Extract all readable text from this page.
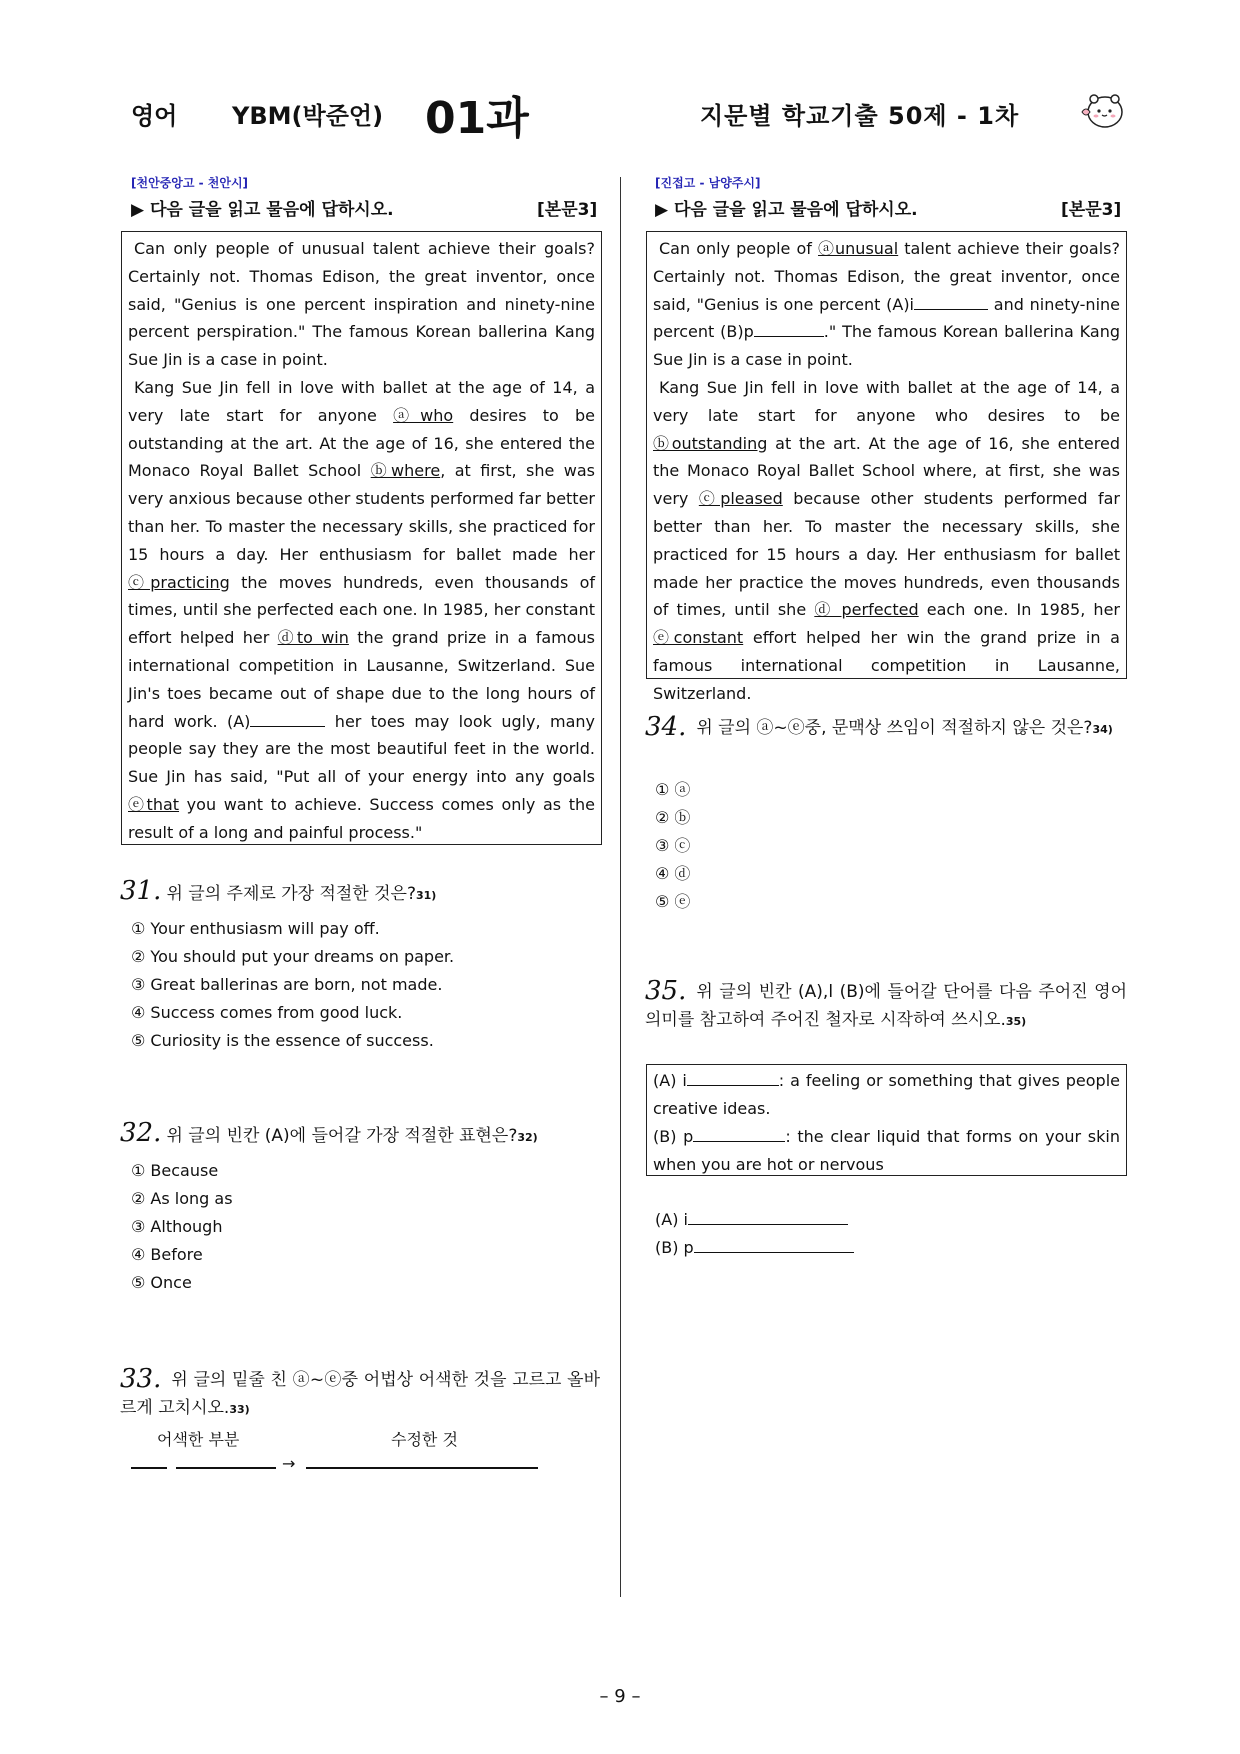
영어 YBM(박준언) 01과	지문별 학교기출 50제 - 1차
[천안중앙고 - 천안시]
▶ 다음 글을 읽고 물음에 답하시오.	[본문3]

Can only people of unusual talent achieve their goals? Certainly not. Thomas Edison, the great inventor, once said, "Genius is one percent inspiration and ninety-nine percent perspiration." The famous Korean ballerina Kang Sue Jin is a case in point.

Kang Sue Jin fell in love with ballet at the age of 14, a very late start for anyone ⓐwho desires to be outstanding at the art. At the age of 16, she entered the Monaco Royal Ballet School ⓑwhere, at first, she was very anxious because other students performed far better than her. To master the necessary skills, she practiced for 15 hours a day. Her enthusiasm for ballet made her ⓒpracticing the moves hundreds, even thousands of times, until she perfected each one. In 1985, her constant effort helped her ⓓto win the grand prize in a famous international competition in Lausanne, Switzerland. Sue Jin's toes became out of shape due to the long hours of hard work. (A)	her toes may look ugly, many people say they are the most beautiful feet in the world. Sue Jin has said, "Put all of your energy into any goals ⓔthat you want to achieve. Success comes only as the result of a long and painful process."

31. 위 글의 주제로 가장 적절한 것은?31)
① Your enthusiasm will pay off.
② You should put your dreams on paper.
③ Great ballerinas are born, not made.
④ Success comes from good luck.
⑤ Curiosity is the essence of success.
32. 위 글의 빈칸 (A)에 들어갈 가장 적절한 표현은?32)
① Because
② As long as
③ Although
④ Before
⑤ Once
33. 위 글의 밑줄 친 ⓐ~ⓔ중 어법상 어색한 것을 고르고 올바르게 고치시오.33)
어색한 부분	수정한 것
→
[진접고 - 남양주시]
▶ 다음 글을 읽고 물음에 답하시오.	[본문3]

Can only people of ⓐunusual talent achieve their goals? Certainly not. Thomas Edison, the great inventor, once said, "Genius is one percent (A)i	and ninety-nine percent (B)p	." The famous Korean ballerina Kang Sue Jin is a case in point.

Kang Sue Jin fell in love with ballet at the age of 14, a very late start for anyone who desires to be ⓑoutstanding at the art. At the age of 16, she entered the Monaco Royal Ballet School where, at first, she was very ⓒpleased because other students performed far better than her. To master the necessary skills, she practiced for 15 hours a day. Her enthusiasm for ballet made her practice the moves hundreds, even thousands of times, until she ⓓ perfected each one. In 1985, her ⓔconstant effort helped her win the grand prize in a famous international competition in Lausanne, Switzerland.

34. 위 글의 ⓐ~ⓔ중, 문맥상 쓰임이 적절하지 않은 것은?34)
① ⓐ
② ⓑ
③ ⓒ
④ ⓓ
⑤ ⓔ
35. 위 글의 빈칸 (A),l (B)에 들어갈 단어를 다음 주어진 영어 의미를 참고하여 주어진 철자로 시작하여 쓰시오.35)
(A) i	: a feeling or something that gives people creative ideas.
(B) p	: the clear liquid that forms on your skin when you are hot or nervous
(A) i
(B) p
– 9 –
